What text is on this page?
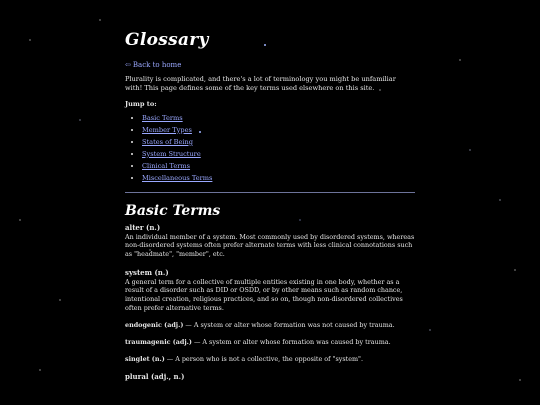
Glossary
⇦ Back to home

Plurality is complicated, and there's a lot of terminology you might be unfamiliar with! This page defines some of the key terms used elsewhere on this site.

Jump to:

• Basic Terms
• Member Types
• States of Being
• System Structure
• Clinical Terms
• Miscellaneous Terms
Basic Terms
alter (n.)

An individual member of a system. Most commonly used by disordered systems, whereas non-disordered systems often prefer alternate terms with less clinical connotations such as "headmate", "member", etc.

system (n.)

A general term for a collective of multiple entities existing in one body, whether as a result of a disorder such as DID or OSDD, or by other means such as random chance, intentional creation, religious practices, and so on, though non-disordered collectives often prefer alternative terms.

endogenic (adj.) — A system or alter whose formation was not caused by trauma.

traumagenic (adj.) — A system or alter whose formation was caused by trauma.

singlet (n.) — A person who is not a collective, the opposite of "system".

plural (adj., n.)
